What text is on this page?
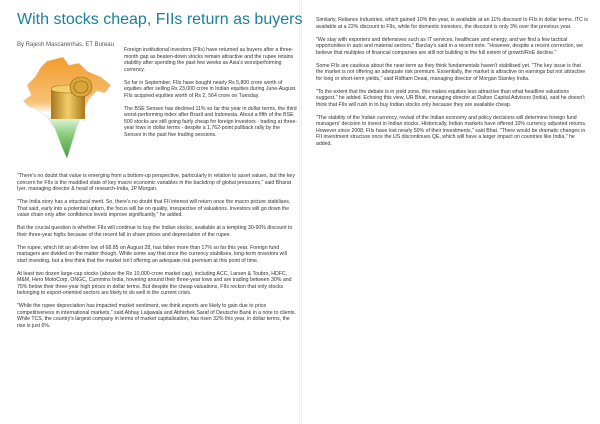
With stocks cheap, FIIs return as buyers
By Rajesh Mascarenhas, ET Bureau

Foreign institutional investors (FIIs) have returned as buyers after a three-month gap as beaten-down stocks remain attractive and the rupee retains stability after spending the past few weeks as Asia's worstperforming currency.

So far in September, FIIs have bought nearly Rs 5,800 crore worth of equities after selling Rs 23,000 crore in Indian equities during June-August. FIIs acquired equities worth of Rs 2, 564 crore on Tuesday.

The BSE Sensex has declined 11% so far this year in dollar terms, the third worst-performing index after Brazil and Indonesia. About a fifth of the BSE 500 stocks are still going fairly cheap for foreign investors - trading at three-year lows in dollar terms - despite a 1,762-point pullback rally by the Sensex in the past five trading sessions.

"There's no doubt that value is emerging from a bottom-up perspective, particularly in relation to asset values, but the key concern for FIIs is the muddled state of key macro economic variables in the backdrop of global pressures," said Bharat Iyer, managing director & head of research-India, JP Morgan.

"The India story has a structural merit. So, there's no doubt that FII interest will return once the macro picture stabilises. That said, early into a potential upturn, the focus will be on quality, irrespective of valuations. Investors will go down the value chain only after confidence levels improve significantly," he added.

But the crucial question is whether FIIs will continue to buy the Indian stocks, available at a tempting 30-90% discount to their three-year highs because of the recent fall in share prices and depreciation of the rupee.

The rupee, which hit an all-time low of 68.85 on August 28, has fallen more than 17% so far this year. Foreign fund managers are divided on the matter though. While some say that once the currency stabilises, long-term investors will start investing, but a few think that the market isn't offering an adequate risk premium at this point of time.

At least two dozen large-cap stocks (above the Rs 10,000-crore market cap), including ACC, Larsen & Toubro, HDFC, M&M, Hero MotoCorp, ONGC, Cummins India, hovering around their three-year lows and are trading between 30% and 75% below their three-year high prices in dollar terms. But despite the cheap valuations, FIIs reckon that only stocks belonging to export-oriented sectors are likely to do well in the current crisis.

"While the rupee depreciation has impacted market sentiment, we think exports are likely to gain due to price competitiveness in international markets," said Abhay Laijawala and Abhishek Saraf of Deutsche Bank in a note to clients. While TCS, the country's largest company in terms of market capitalisation, has risen 32% this year, in dollar terms, the rise is just 6%.

Similarly, Reliance Industries, which gained 10% this year, is available at an 11% discount to FIIs in dollar terms. ITC is available at a 22% discount to FIIs, while for domestic investors, the discount is only 3% over the previous year.

"We stay with exporters and defensives such as IT services, healthcare and energy, and we find a few tactical opportunities in auto and material sectors," Barclay's said in a recent note. "However, despite a recent correction, we believe that multiples of financial companies are still not building in the full extent of growth/RoE decline."

Some FIIs are cautious about the near-term as they think fundamentals haven't stabilised yet. "The key issue is that the market is not offering an adequate risk premium. Essentially, the market is attractive on earnings but not attractive for long or short-term yields," said Ridham Desai, managing director of Morgan Stanley India.

"To the extent that the debate is in yield zone, this makes equities less attractive than what headline valuations suggest," he added. Echoing this view, UR Bhat, managing director at Dalton Capital Advisors (India), said he doesn't think that FIIs will rush in to buy Indian stocks only because they are available cheap.

"The stability of the Indian currency, revival of the Indian economy and policy decisions will determine foreign fund managers' decision to invest in Indian stocks. Historically, Indian markets have offered 10% currency adjusted returns. However since 2008, FIIs have lost nearly 50% of their investments," said Bhat. "There would be dramatic changes in FII investment structure once the US discontinues QE, which will have a larger impact on countries like India," he added.
